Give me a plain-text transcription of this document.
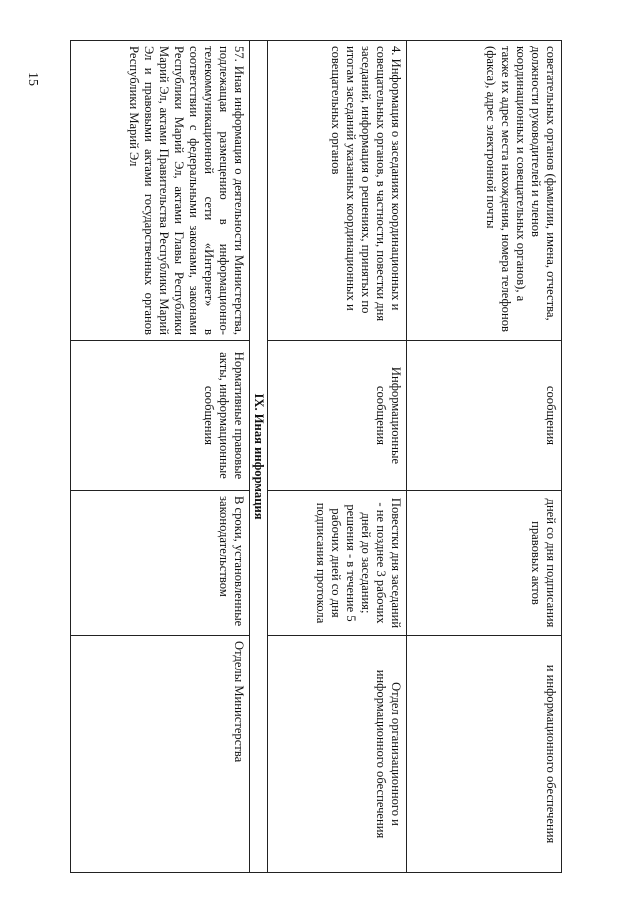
15	советательных органов (фамилии, имена, отчества, должности руководителей и членов координационных и совещательных органов), а также их адрес места нахождения, номера телефонов (факса), адрес электронной почты	сообщения	дней со дня подписания правовых актов	и информационного обеспечения
4. Информация о заседаниях координационных и совещательных органов, в частности, повестки дня заседаний, информация о решениях, принятых по итогам заседаний указанных координационных и совещательных органов	Информационные сообщения	Повестки дня заседаний - не позднее 3 рабочих дней до заседания; решения - в течение 5 рабочих дней со дня подписания протокола	Отдел организационного и информационного обеспечения
IX. Иная информация			
57. Иная информация о деятельности Министерства, подлежащая размещению в информационно-телекоммуникационной сети «Интернет» в соответствии с федеральными законами, законами Республики Марий Эл, актами Главы Республики Марий Эл, актами Правительства Республики Марий Эл и правовыми актами государственных органов Республики Марий Эл	Нормативные правовые акты, информационные сообщения	В сроки, установленные законодательством	Отделы Министерства
